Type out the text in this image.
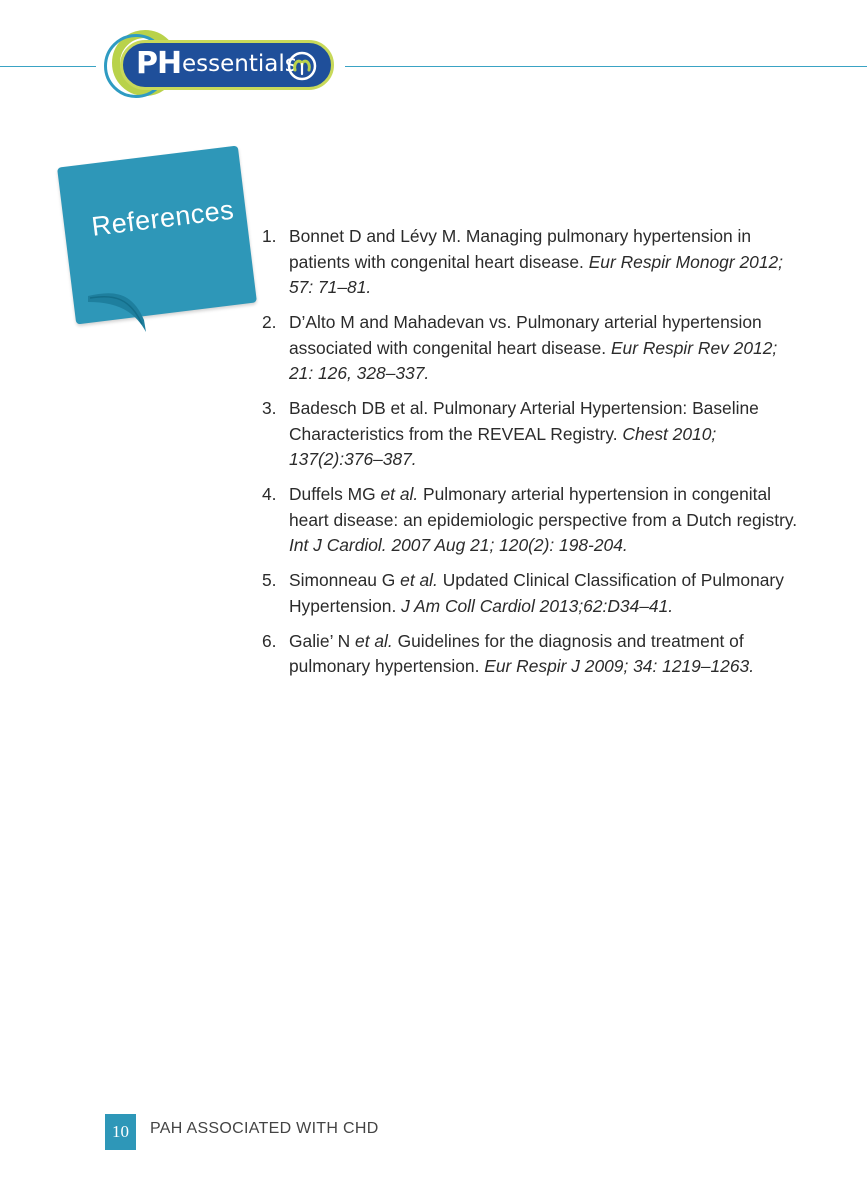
PH essentials
References 1. Bonnet D and Lévy M. Managing pulmonary hypertension in patients with congenital heart disease. Eur Respir Monogr 2012; 57: 71–81.
2. D’Alto M and Mahadevan vs. Pulmonary arterial hypertension associated with congenital heart disease. Eur Respir Rev 2012; 21: 126, 328–337.
3. Badesch DB et al. Pulmonary Arterial Hypertension: Baseline Characteristics from the REVEAL Registry. Chest 2010; 137(2):376–387.
4. Duffels MG et al. Pulmonary arterial hypertension in congenital heart disease: an epidemiologic perspective from a Dutch registry. Int J Cardiol. 2007 Aug 21; 120(2): 198-204.
5. Simonneau G et al. Updated Clinical Classification of Pulmonary Hypertension. J Am Coll Cardiol 2013;62:D34–41.
6. Galie’ N et al. Guidelines for the diagnosis and treatment of pulmonary hypertension. Eur Respir J 2009; 34: 1219–1263.
10	PAH ASSOCIATED WITH CHD
